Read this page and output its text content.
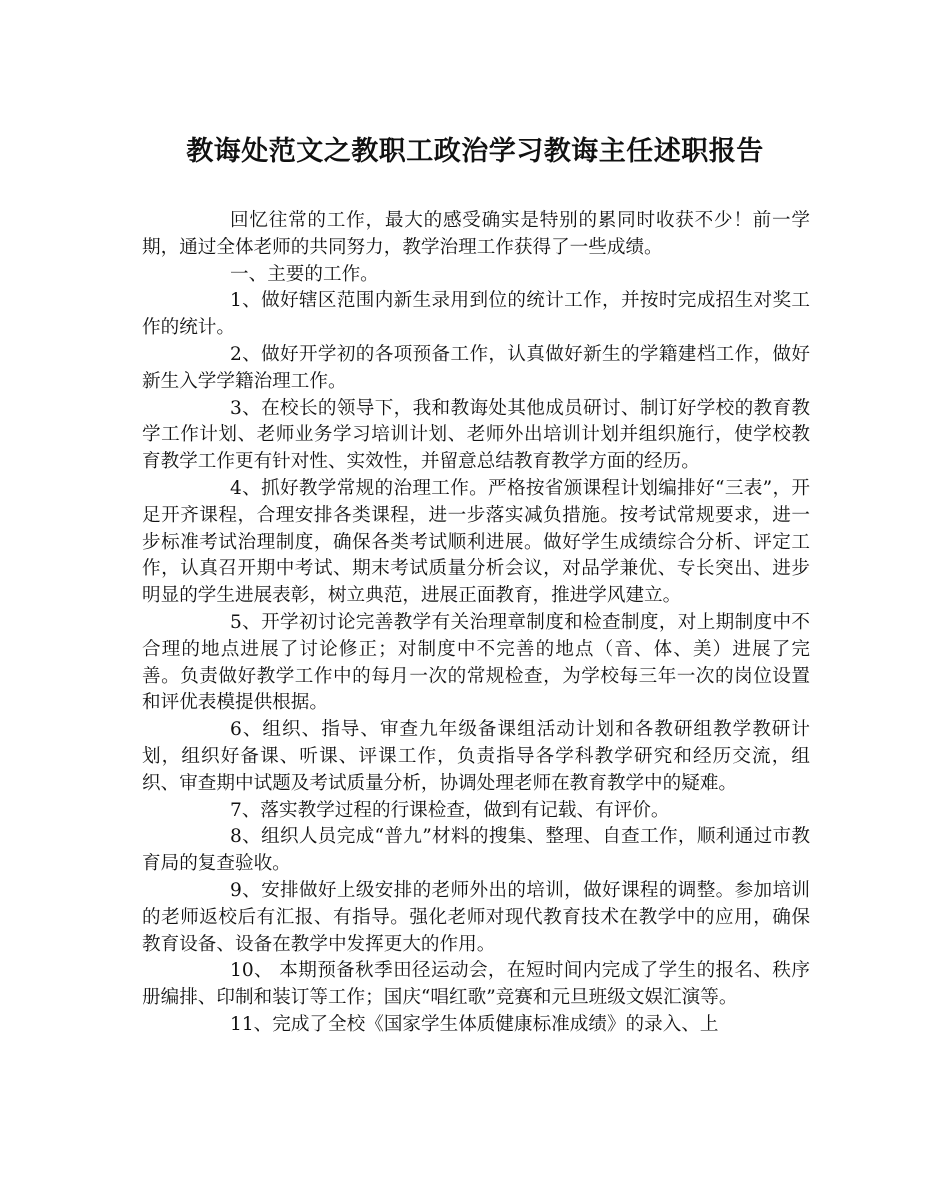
教诲处范文之教职工政治学习教诲主任述职报告

回忆往常的工作，最大的感受确实是特别的累同时收获不少！前一学期，通过全体老师的共同努力，教学治理工作获得了一些成绩。

一、主要的工作。

1、做好辖区范围内新生录用到位的统计工作，并按时完成招生对奖工作的统计。

2、做好开学初的各项预备工作，认真做好新生的学籍建档工作，做好新生入学学籍治理工作。

3、在校长的领导下，我和教诲处其他成员研讨、制订好学校的教育教学工作计划、老师业务学习培训计划、老师外出培训计划并组织施行，使学校教育教学工作更有针对性、实效性，并留意总结教育教学方面的经历。

4、抓好教学常规的治理工作。严格按省颁课程计划编排好“三表”，开足开齐课程，合理安排各类课程，进一步落实减负措施。按考试常规要求，进一步标准考试治理制度，确保各类考试顺利进展。做好学生成绩综合分析、评定工作，认真召开期中考试、期末考试质量分析会议，对品学兼优、专长突出、进步明显的学生进展表彰，树立典范，进展正面教育，推进学风建立。

5、开学初讨论完善教学有关治理章制度和检查制度，对上期制度中不合理的地点进展了讨论修正；对制度中不完善的地点（音、体、美）进展了完善。负责做好教学工作中的每月一次的常规检查，为学校每三年一次的岗位设置和评优表模提供根据。

6、组织、指导、审查九年级备课组活动计划和各教研组教学教研计划，组织好备课、听课、评课工作，负责指导各学科教学研究和经历交流，组织、审查期中试题及考试质量分析，协调处理老师在教育教学中的疑难。

7、落实教学过程的行课检查，做到有记载、有评价。

8、组织人员完成“普九”材料的搜集、整理、自查工作，顺利通过市教育局的复查验收。

9、安排做好上级安排的老师外出的培训，做好课程的调整。参加培训的老师返校后有汇报、有指导。强化老师对现代教育技术在教学中的应用，确保教育设备、设备在教学中发挥更大的作用。

10、 本期预备秋季田径运动会，在短时间内完成了学生的报名、秩序册编排、印制和装订等工作；国庆“唱红歌”竞赛和元旦班级文娱汇演等。

11、完成了全校《国家学生体质健康标准成绩》的录入、上
